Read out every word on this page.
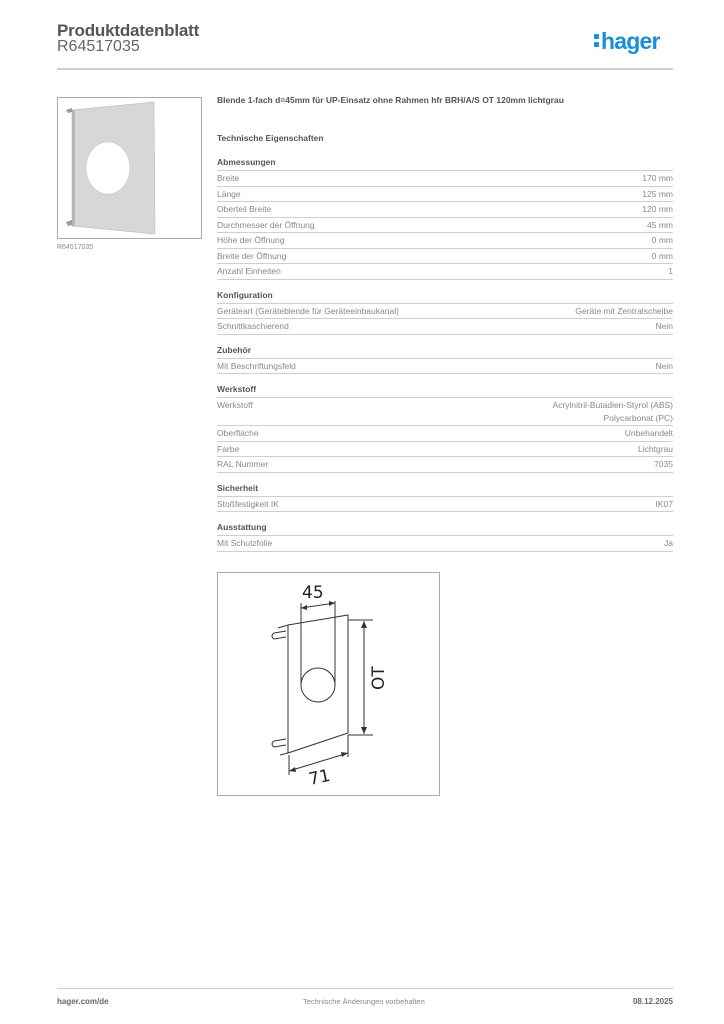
Produktdatenblatt
R64517035	hager
R64517035
Blende 1-fach d=45mm für UP-Einsatz ohne Rahmen hfr BRH/A/S OT 120mm lichtgrau
Technische Eigenschaften
Abmessungen
Breite	170 mm
Länge	125 mm
Oberteil Breite	120 mm
Durchmesser der Öffnung	45 mm
Höhe der Öffnung	0 mm
Breite der Öffnung	0 mm
Anzahl Einheiten	1
Konfiguration
Geräteart (Geräteblende für Geräteeinbaukanal)	Geräte mit Zentralscheibe
Schnittkaschierend	Nein
Zubehör
Mit Beschriftungsfeld	Nein
Werkstoff
Werkstoff	Acrylnitril-Butadien-Styrol (ABS)
Polycarbonat (PC)
Oberfläche	Unbehandelt
Farbe	Lichtgrau
RAL Nummer	7035
Sicherheit
Stoßfestigkeit IK	IK07
Ausstattung
Mit Schutzfolie	Ja
45
OT
71
hager.com/de	Technische Änderungen vorbehalten	08.12.2025
